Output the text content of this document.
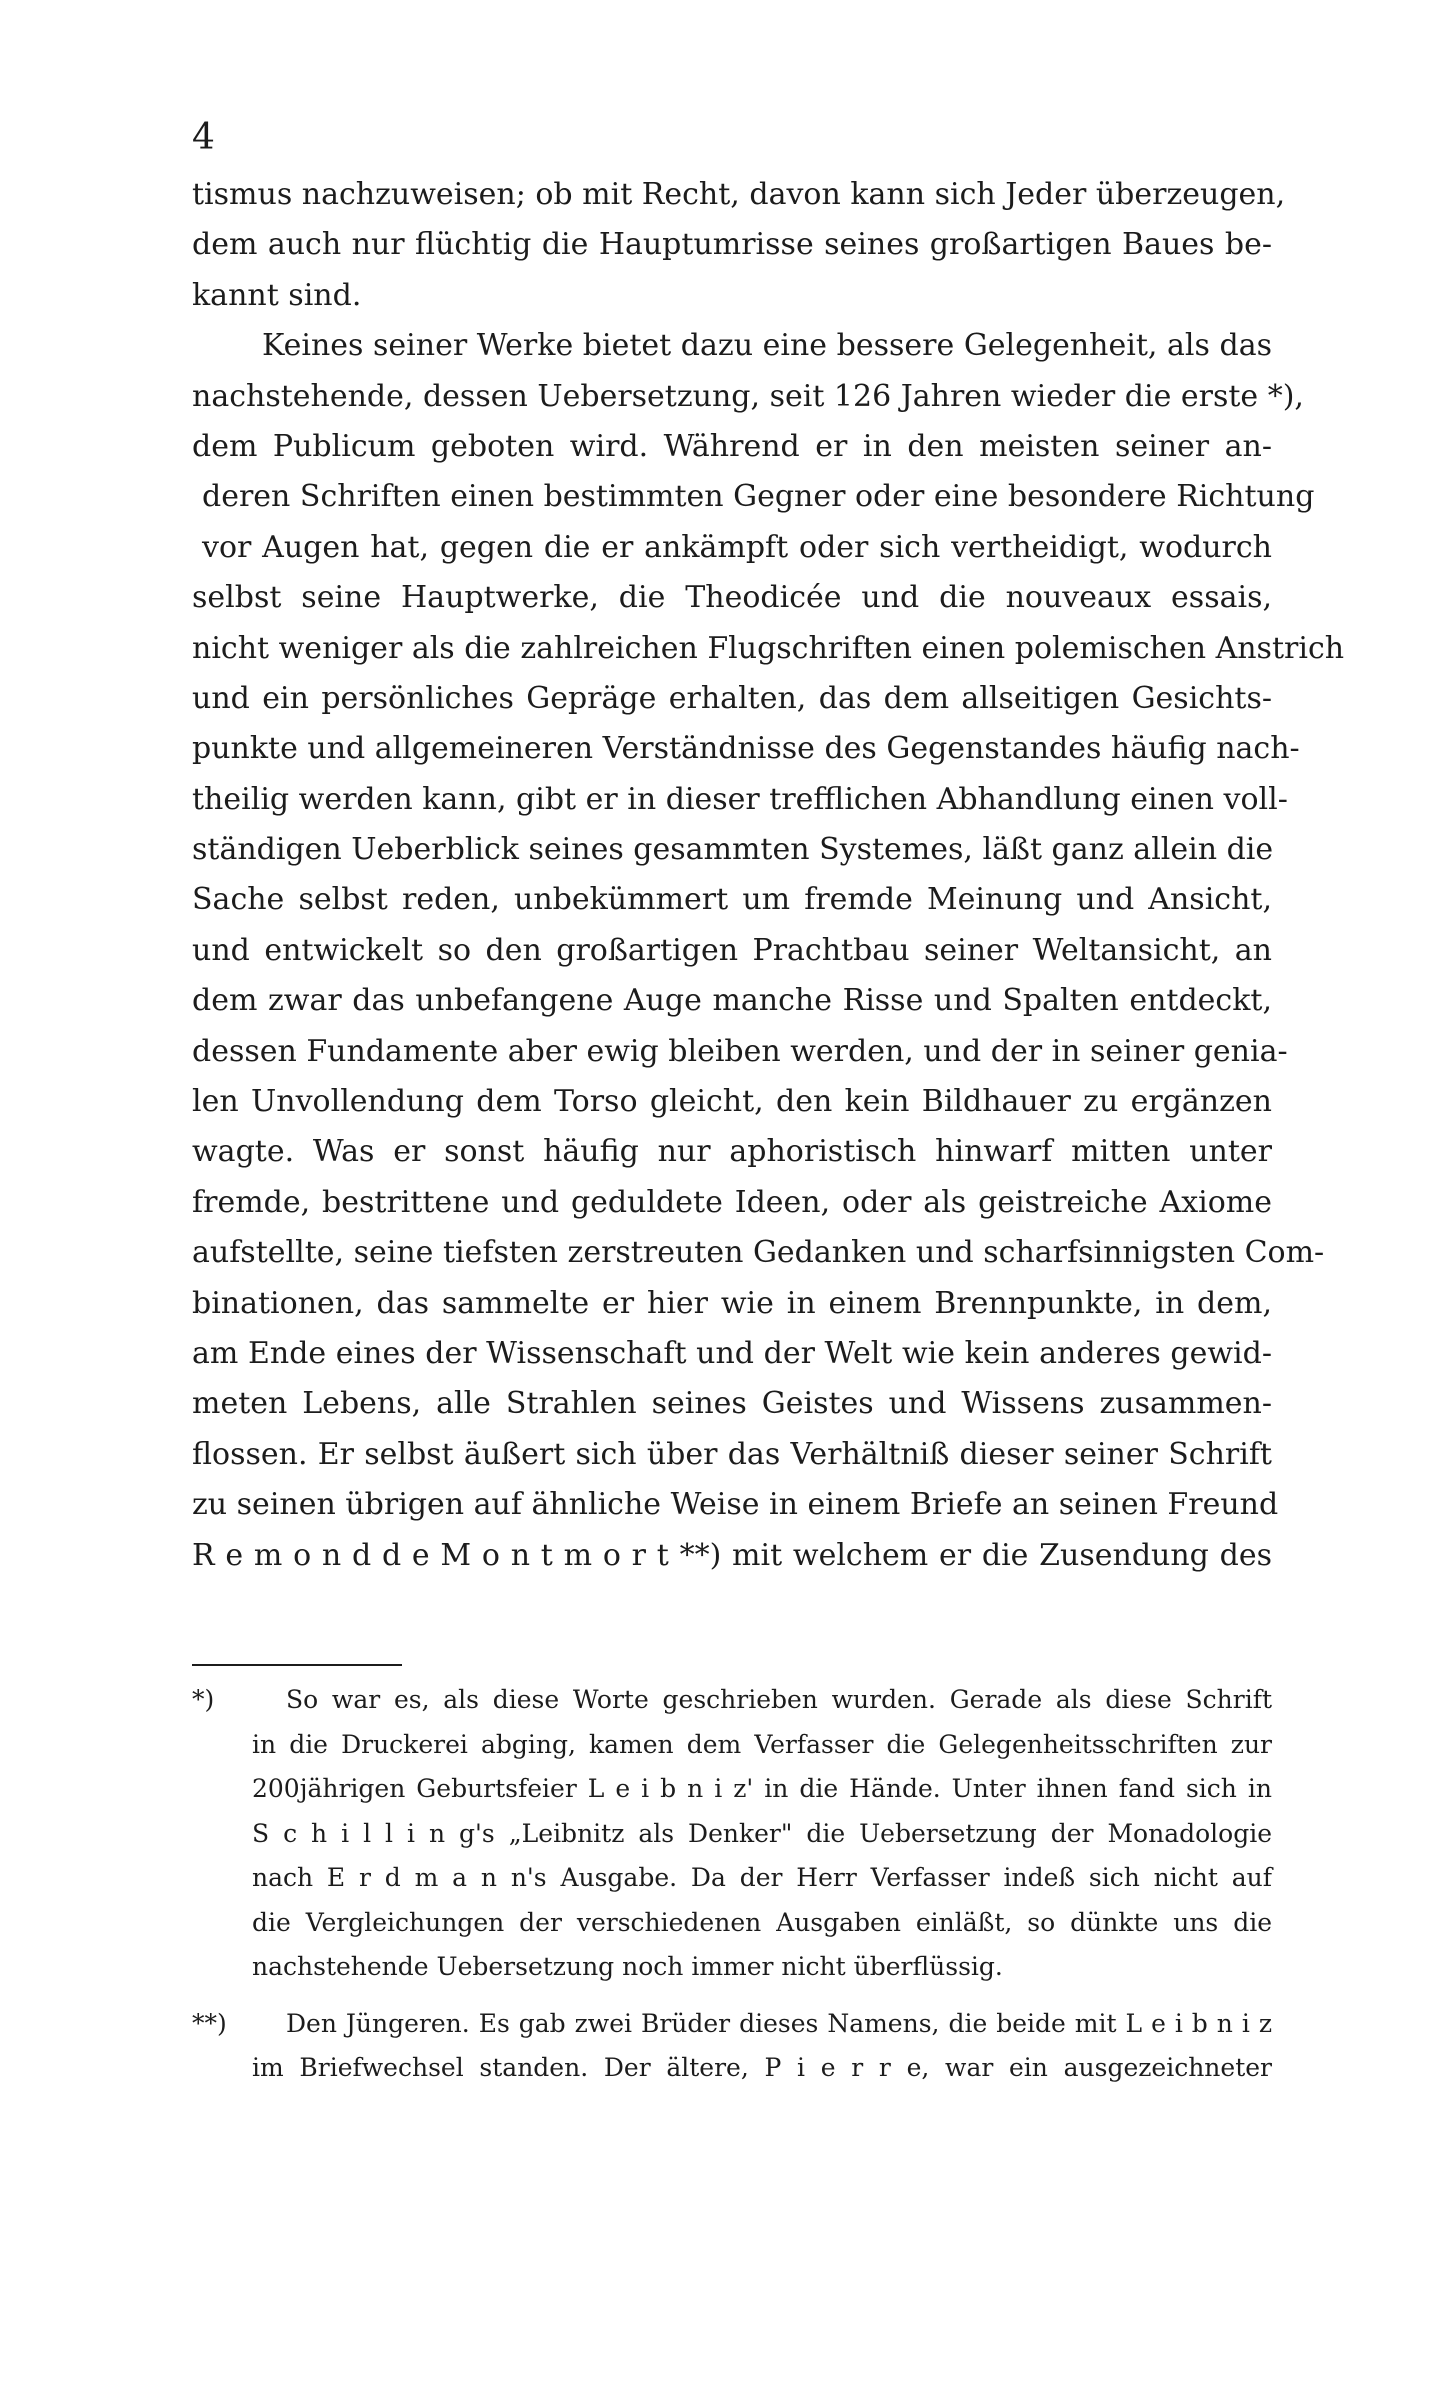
4
tismus nachzuweisen; ob mit Recht, davon kann sich Jeder überzeugen,
dem auch nur flüchtig die Hauptumrisse seines großartigen Baues be-
kannt sind.
Keines seiner Werke bietet dazu eine bessere Gelegenheit, als das
nachstehende, dessen Uebersetzung, seit 126 Jahren wieder die erste *),
dem Publicum geboten wird. Während er in den meisten seiner an-
deren Schriften einen bestimmten Gegner oder eine besondere Richtung
vor Augen hat, gegen die er ankämpft oder sich vertheidigt, wodurch
selbst seine Hauptwerke, die Theodicée und die nouveaux essais,
nicht weniger als die zahlreichen Flugschriften einen polemischen Anstrich
und ein persönliches Gepräge erhalten, das dem allseitigen Gesichts-
punkte und allgemeineren Verständnisse des Gegenstandes häufig nach-
theilig werden kann, gibt er in dieser trefflichen Abhandlung einen voll-
ständigen Ueberblick seines gesammten Systemes, läßt ganz allein die
Sache selbst reden, unbekümmert um fremde Meinung und Ansicht,
und entwickelt so den großartigen Prachtbau seiner Weltansicht, an
dem zwar das unbefangene Auge manche Risse und Spalten entdeckt,
dessen Fundamente aber ewig bleiben werden, und der in seiner genia-
len Unvollendung dem Torso gleicht, den kein Bildhauer zu ergänzen
wagte. Was er sonst häufig nur aphoristisch hinwarf mitten unter
fremde, bestrittene und geduldete Ideen, oder als geistreiche Axiome
aufstellte, seine tiefsten zerstreuten Gedanken und scharfsinnigsten Com-
binationen, das sammelte er hier wie in einem Brennpunkte, in dem,
am Ende eines der Wissenschaft und der Welt wie kein anderes gewid-
meten Lebens, alle Strahlen seines Geistes und Wissens zusammen-
flossen. Er selbst äußert sich über das Verhältniß dieser seiner Schrift
zu seinen übrigen auf ähnliche Weise in einem Briefe an seinen Freund
R e m o n d d e M o n t m o r t **) mit welchem er die Zusendung des
*)	So war es, als diese Worte geschrieben wurden. Gerade als diese Schrift
in die Druckerei abging, kamen dem Verfasser die Gelegenheitsschriften zur
200jährigen Geburtsfeier L e i b n i z' in die Hände. Unter ihnen fand sich in
S c h i l l i n g's „Leibnitz als Denker" die Uebersetzung der Monadologie
nach E r d m a n n's Ausgabe. Da der Herr Verfasser indeß sich nicht auf
die Vergleichungen der verschiedenen Ausgaben einläßt, so dünkte uns die
nachstehende Uebersetzung noch immer nicht überflüssig.
**) Den Jüngeren. Es gab zwei Brüder dieses Namens, die beide mit L e i b n i z
im Briefwechsel standen. Der ältere, P i e r r e, war ein ausgezeichneter
